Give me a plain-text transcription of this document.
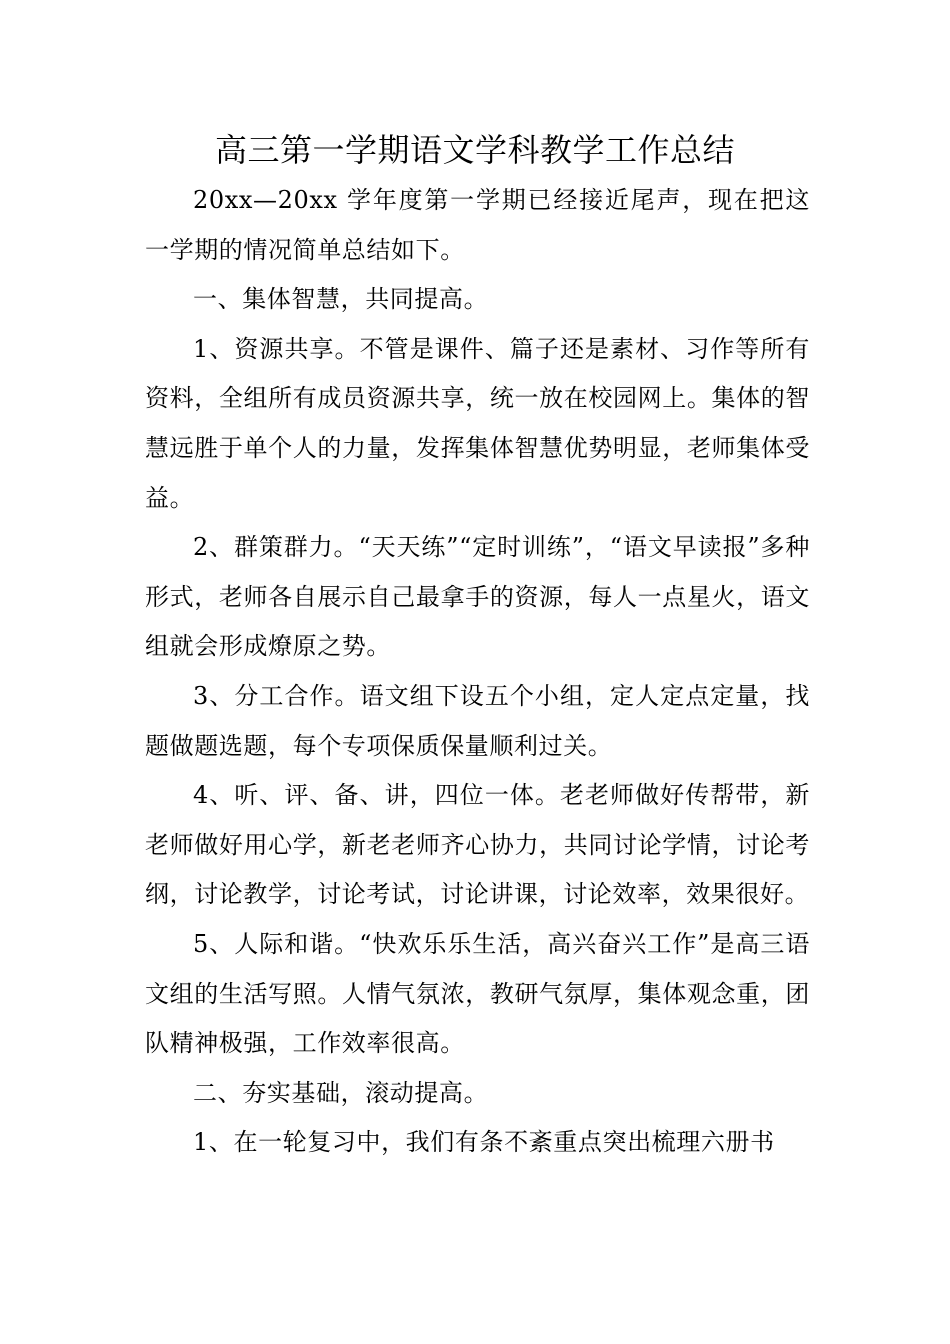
高三第一学期语文学科教学工作总结

20xx—20xx 学年度第一学期已经接近尾声，现在把这一学期的情况简单总结如下。

一、集体智慧，共同提高。

1、资源共享。不管是课件、篇子还是素材、习作等所有资料，全组所有成员资源共享，统一放在校园网上。集体的智慧远胜于单个人的力量，发挥集体智慧优势明显，老师集体受益。

2、群策群力。“天天练”“定时训练”，“语文早读报”多种形式，老师各自展示自己最拿手的资源，每人一点星火，语文组就会形成燎原之势。

3、分工合作。语文组下设五个小组，定人定点定量，找题做题选题，每个专项保质保量顺利过关。

4、听、评、备、讲，四位一体。老老师做好传帮带，新老师做好用心学，新老老师齐心协力，共同讨论学情，讨论考纲，讨论教学，讨论考试，讨论讲课，讨论效率，效果很好。

5、人际和谐。“快欢乐乐生活，高兴奋兴工作”是高三语文组的生活写照。人情气氛浓，教研气氛厚，集体观念重，团队精神极强，工作效率很高。

二、夯实基础，滚动提高。

1、在一轮复习中，我们有条不紊重点突出梳理六册书
